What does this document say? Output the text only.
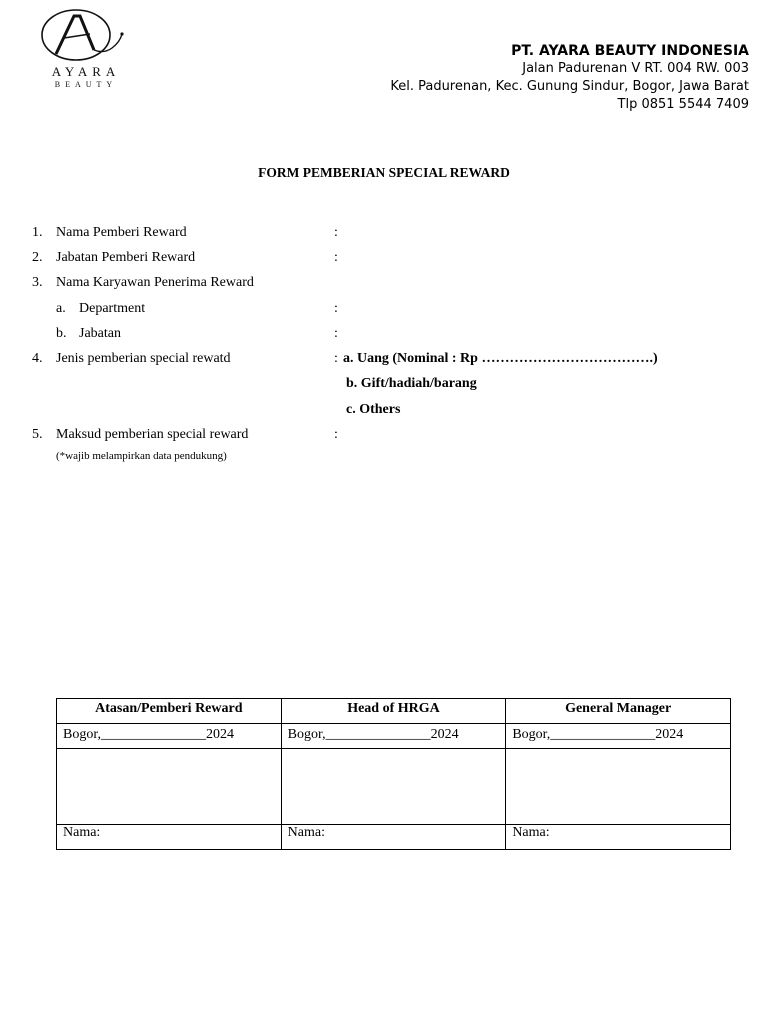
AYARA
BEAUTY
PT. AYARA BEAUTY INDONESIA
Jalan Padurenan V RT. 004 RW. 003
Kel. Padurenan, Kec. Gunung Sindur, Bogor, Jawa Barat
Tlp 0851 5544 7409
FORM PEMBERIAN SPECIAL REWARD
1. Nama Pemberi Reward	:
2. Jabatan Pemberi Reward	:
3. Nama Karyawan Penerima Reward
a. Department	:
b. Jabatan	:
4. Jenis pemberian special rewatd	: a. Uang (Nominal : Rp ……………………………….)
b. Gift/hadiah/barang
c. Others
5. Maksud pemberian special reward	:
(*wajib melampirkan data pendukung)
Atasan/Pemberi Reward	Head of HRGA	General Manager
Bogor,_______________2024	Bogor,_______________2024	Bogor,_______________2024

Nama:	Nama:	Nama:
